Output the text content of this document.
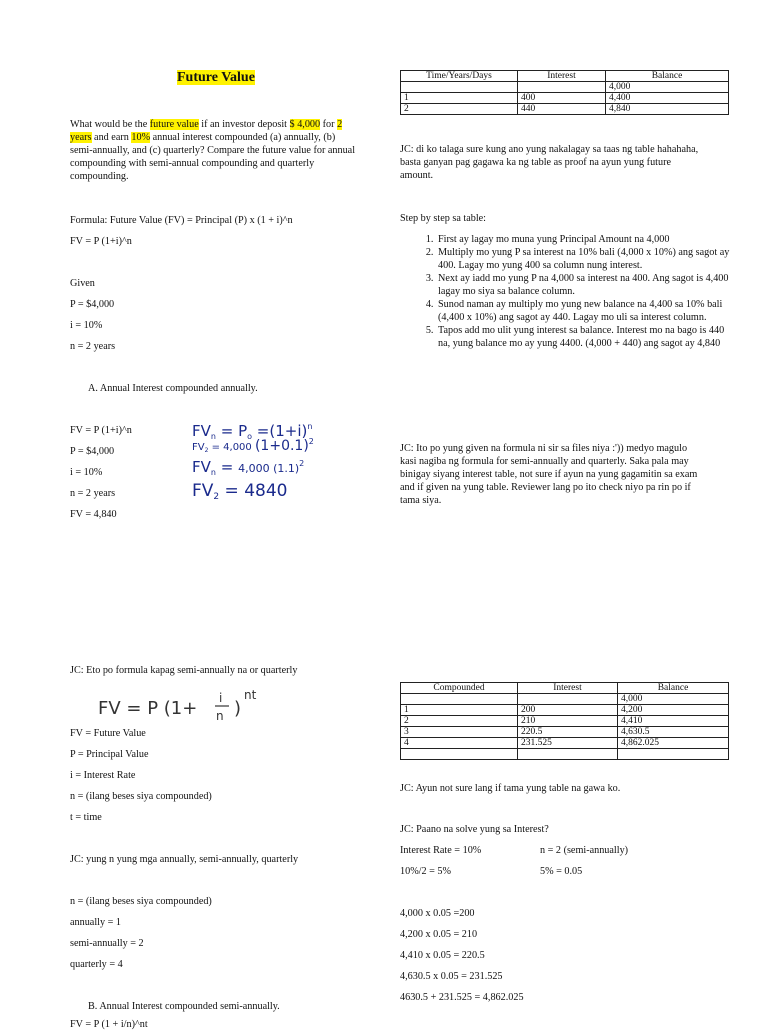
Future Value
What would be the future value if an investor deposit $ 4,000 for 2 years and earn 10% annual interest compounded (a) annually, (b) semi-annually, and (c) quarterly? Compare the future value for annual compounding with semi-annual compounding and quarterly compounding.
Formula: Future Value (FV) = Principal (P) x (1 + i)^n
FV = P (1+i)^n
Given
P = $4,000
i = 10%
n = 2 years
A. Annual Interest compounded annually.
FV = P (1+i)^n
P = $4,000
i = 10%
n = 2 years
FV = 4,840
$FV_n = P_o =(1+i)^n$
$FV_2 = 4,000$ $(1+0.1)^2$
$FV_n = 4,000$ $(1.1)^2$
FV2 = 4840
JC: Eto po formula kapag semi-annually na or quarterly
FV = P (1+ i
n )
nt
FV = Future Value
P = Principal Value
i = Interest Rate
n = (ilang beses siya compounded)
t = time
JC: yung n yung mga annually, semi-annually, quarterly
n = (ilang beses siya compounded)
annually = 1
semi-annually = 2
quarterly = 4
B. Annual Interest compounded semi-annually.
FV = P (1 + i/n)^nt
Time/Years/Days	Interest	Balance
		4,000
1	400	4,400
2	440	4,840
JC: di ko talaga sure kung ano yung nakalagay sa taas ng table hahahaha, basta ganyan pag gagawa ka ng table as proof na ayun yung future amount.
Step by step sa table:
1. First ay lagay mo muna yung Principal Amount na 4,000
2. Multiply mo yung P sa interest na 10% bali (4,000 x 10%) ang sagot ay 400. Lagay mo yung 400 sa column nung interest.
3. Next ay iadd mo yung P na 4,000 sa interest na 400. Ang sagot is 4,400 lagay mo siya sa balance column.
4. Sunod naman ay multiply mo yung new balance na 4,400 sa 10% bali (4,400 x 10%) ang sagot ay 440. Lagay mo uli sa interest column.
5. Tapos add mo ulit yung interest sa balance. Interest mo na bago is 440 na, yung balance mo ay yung 4400. (4,000 + 440) ang sagot ay 4,840
JC: Ito po yung given na formula ni sir sa files niya :')) medyo magulo kasi nagiba ng formula for semi-annually and quarterly. Saka pala may binigay siyang interest table, not sure if ayun na yung gagamitin sa exam and if given na yung table. Reviewer lang po ito check niyo pa rin po if tama siya.
Compounded	Interest	Balance
		4,000
1	200	4,200
2	210	4,410
3	220.5	4,630.5
4	231.525	4,862.025

JC: Ayun not sure lang if tama yung table na gawa ko.
JC: Paano na solve yung sa Interest?
Interest Rate = 10%	n = 2 (semi-annually)
10%/2 = 5%	5% = 0.05
4,000 x 0.05 =200
4,200 x 0.05 = 210
4,410 x 0.05 = 220.5
4,630.5 x 0.05 = 231.525
4630.5 + 231.525 = 4,862.025
